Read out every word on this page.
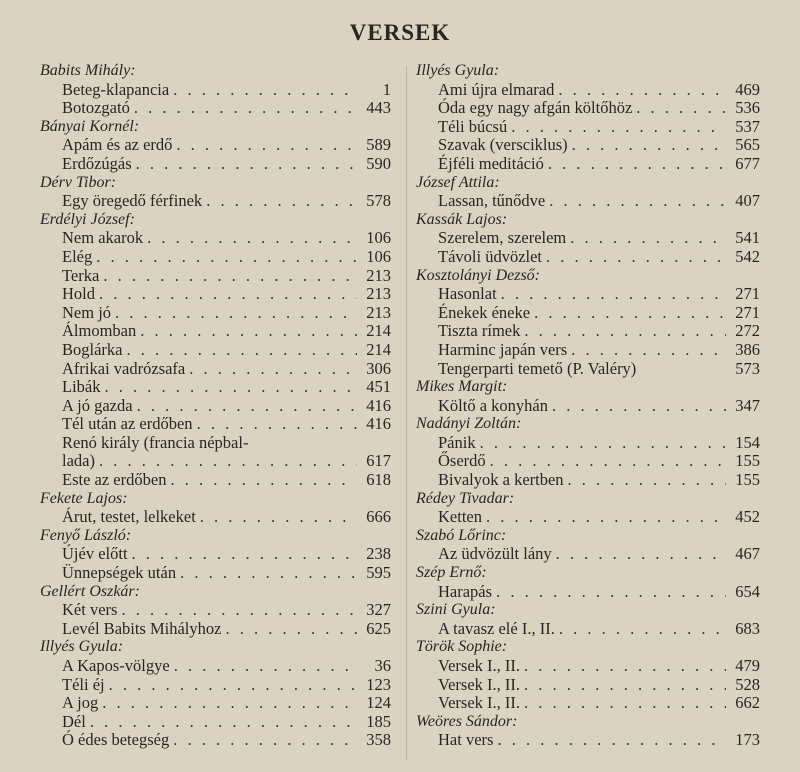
VERSEK
Babits Mihály:
Beteg-klapancia . . .	1
Botozgató . . .	443
Bányai Kornél:
Apám és az erdő . . .	589
Erdőzúgás . . .	590
Dérv Tibor:
Egy öregedő férfinek . . .	578
Erdélyi József:
Nem akarok . . .	106
Elég . . .	106
Terka . . .	213
Hold . . .	213
Nem jó . . .	213
Álmomban . . .	214
Boglárka . . .	214
Afrikai vadrózsafa . . .	306
Libák . . .	451
A jó gazda . . .	416
Tél után az erdőben . . .	416
Renó király (francia népbal-
lada) . . .	617
Este az erdőben . . .	618
Fekete Lajos:
Árut, testet, lelkeket . . .	666
Fenyő László:
Újév előtt . . .	238
Ünnepségek után . . .	595
Gellért Oszkár:
Két vers . . .	327
Levél Babits Mihályhoz . . .	625
Illyés Gyula:
A Kapos-völgye . . .	36
Téli éj . . .	123
A jog . . .	124
Dél . . .	185
Ó édes betegség . . .	358
Illyés Gyula:
Ami újra elmarad . . .	469
Óda egy nagy afgán költőhöz . . .	536
Téli búcsú . . .	537
Szavak (versciklus) . . .	565
Éjféli meditáció . . .	677
József Attila:
Lassan, tűnődve . . .	407
Kassák Lajos:
Szerelem, szerelem . . .	541
Távoli üdvözlet . . .	542
Kosztolányi Dezső:
Hasonlat . . .	271
Énekek éneke . . .	271
Tiszta rímek . . .	272
Harminc japán vers . . .	386
Tengerparti temető (P. Valéry)	573
Mikes Margit:
Költő a konyhán . . .	347
Nadányi Zoltán:
Pánik . . .	154
Őserdő . . .	155
Bivalyok a kertben . . .	155
Rédey Tivadar:
Ketten . . .	452
Szabó Lőrinc:
Az üdvözült lány . . .	467
Szép Ernő:
Harapás . . .	654
Szini Gyula:
A tavasz elé I., II. . . .	683
Török Sophie:
Versek I., II. . . .	479
Versek I., II. . . .	528
Versek I., II. . . .	662
Weöres Sándor:
Hat vers . . .	173
